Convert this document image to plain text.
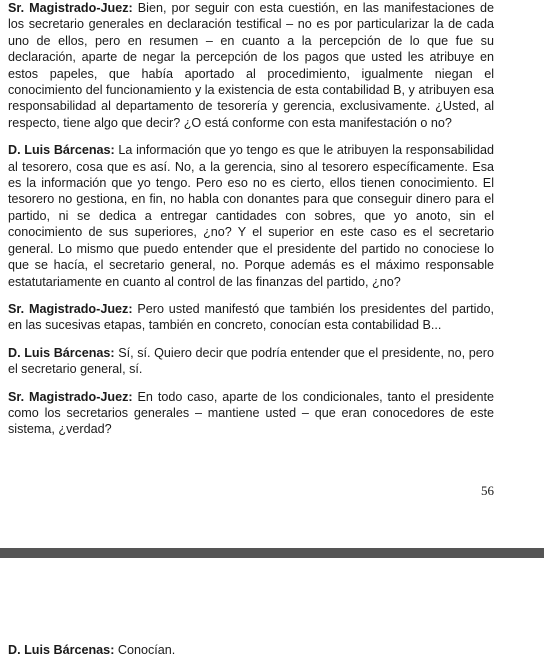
Sr. Magistrado-Juez: Bien, por seguir con esta cuestión, en las manifestaciones de los secretario generales en declaración testifical – no es por particularizar la de cada uno de ellos, pero en resumen – en cuanto a la percepción de lo que fue su declaración, aparte de negar la percepción de los pagos que usted les atribuye en estos papeles, que había aportado al procedimiento, igualmente niegan el conocimiento del funcionamiento y la existencia de esta contabilidad B, y atribuyen esa responsabilidad al departamento de tesorería y gerencia, exclusivamente. ¿Usted, al respecto, tiene algo que decir? ¿O está conforme con esta manifestación o no?

D. Luis Bárcenas: La información que yo tengo es que le atribuyen la responsabilidad al tesorero, cosa que es así. No, a la gerencia, sino al tesorero específicamente. Esa es la información que yo tengo. Pero eso no es cierto, ellos tienen conocimiento. El tesorero no gestiona, en fin, no habla con donantes para que conseguir dinero para el partido, ni se dedica a entregar cantidades con sobres, que yo anoto, sin el conocimiento de sus superiores, ¿no? Y el superior en este caso es el secretario general. Lo mismo que puedo entender que el presidente del partido no conociese lo que se hacía, el secretario general, no. Porque además es el máximo responsable estatutariamente en cuanto al control de las finanzas del partido, ¿no?

Sr. Magistrado-Juez: Pero usted manifestó que también los presidentes del partido, en las sucesivas etapas, también en concreto, conocían esta contabilidad B...

D. Luis Bárcenas: Sí, sí. Quiero decir que podría entender que el presidente, no, pero el secretario general, sí.

Sr. Magistrado-Juez: En todo caso, aparte de los condicionales, tanto el presidente como los secretarios generales – mantiene usted – que eran conocedores de este sistema, ¿verdad?

56

D. Luis Bárcenas: Conocían.
